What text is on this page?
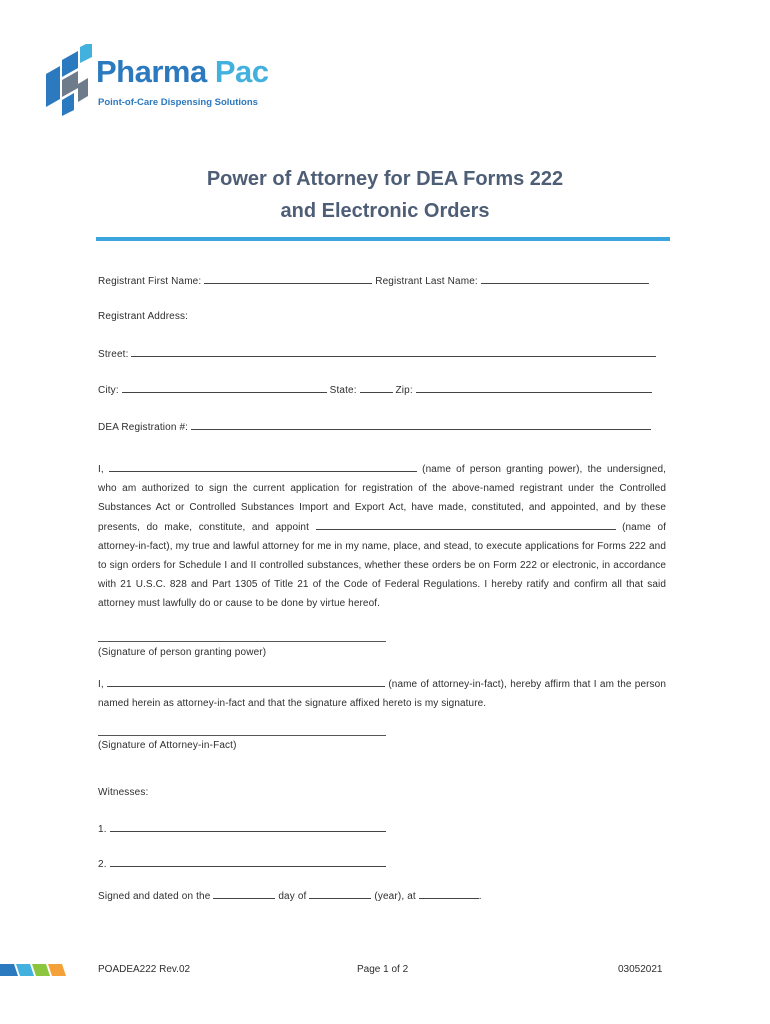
Pharma Pac
Point-of-Care Dispensing Solutions
Power of Attorney for DEA Forms 222
and Electronic Orders
Registrant First Name:	Registrant Last Name:
Registrant Address:
Street:
City:	State:	Zip:
DEA Registration #:
I,	(name of person granting power), the undersigned, who am authorized to sign the current application for registration of the above-named registrant under the Controlled Substances Act or Controlled Substances Import and Export Act, have made, constituted, and appointed, and by these presents, do make, constitute, and appoint	(name of attorney-in-fact), my true and lawful attorney for me in my name, place, and stead, to execute applications for Forms 222 and to sign orders for Schedule I and II controlled substances, whether these orders be on Form 222 or electronic, in accordance with 21 U.S.C. 828 and Part 1305 of Title 21 of the Code of Federal Regulations. I hereby ratify and confirm all that said attorney must lawfully do or cause to be done by virtue hereof.
(Signature of person granting power)
I,	(name of attorney-in-fact), hereby affirm that I am the person named herein as attorney-in-fact and that the signature affixed hereto is my signature.
(Signature of Attorney-in-Fact)
Witnesses:
1.
2.
Signed and dated on the	day of	(year), at	.
POADEA222 Rev.02	Page 1 of 2	03052021
